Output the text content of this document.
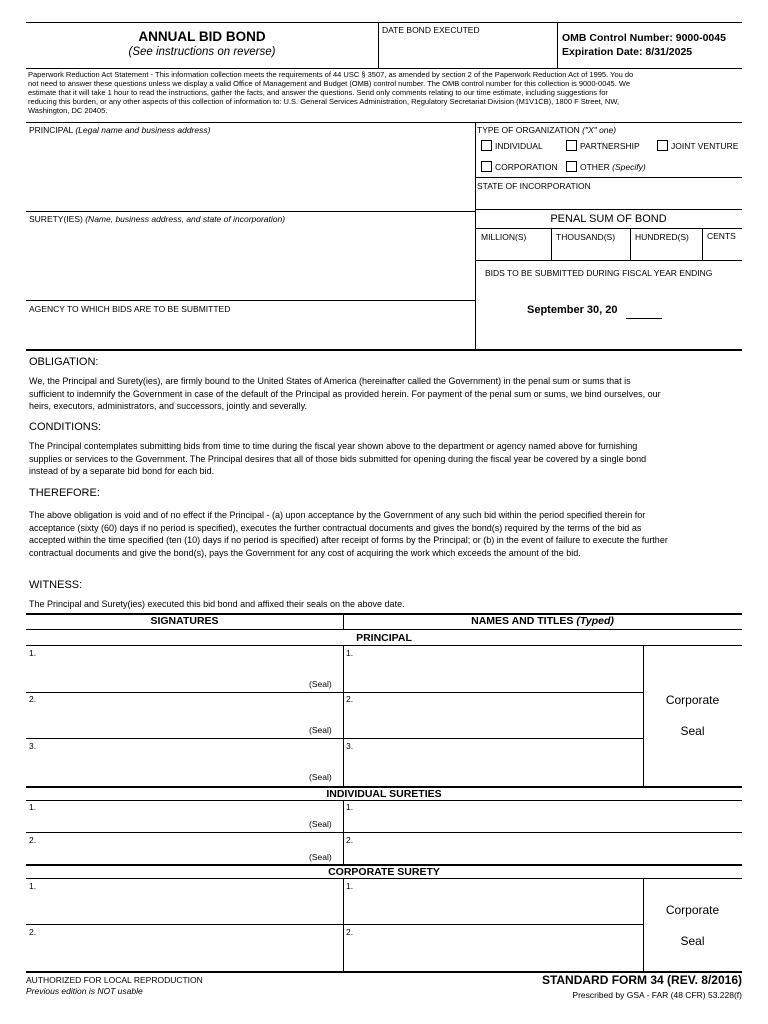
ANNUAL BID BOND
(See instructions on reverse)
DATE BOND EXECUTED
OMB Control Number: 9000-0045
Expiration Date: 8/31/2025
Paperwork Reduction Act Statement - This information collection meets the requirements of 44 USC § 3507, as amended by section 2 of the Paperwork Reduction Act of 1995. You do
not need to answer these questions unless we display a valid Office of Management and Budget (OMB) control number. The OMB control number for this collection is 9000-0045. We
estimate that it will take 1 hour to read the instructions, gather the facts, and answer the questions. Send only comments relating to our time estimate, including suggestions for
reducing this burden, or any other aspects of this collection of information to: U.S. General Services Administration, Regulatory Secretariat Division (M1V1CB), 1800 F Street, NW,
Washington, DC 20405.
PRINCIPAL (Legal name and business address)
SURETY(IES) (Name, business address, and state of incorporation)
AGENCY TO WHICH BIDS ARE TO BE SUBMITTED
TYPE OF ORGANIZATION ("X" one)
INDIVIDUAL	PARTNERSHIP	JOINT VENTURE
CORPORATION	OTHER (Specify)
STATE OF INCORPORATION
PENAL SUM OF BOND
MILLION(S)	THOUSAND(S) HUNDRED(S) CENTS
BIDS TO BE SUBMITTED DURING FISCAL YEAR ENDING
September 30, 20
OBLIGATION:
We, the Principal and Surety(ies), are firmly bound to the United States of America (hereinafter called the Government) in the penal sum or sums that is
sufficient to indemnify the Government in case of the default of the Principal as provided herein. For payment of the penal sum or sums, we bind ourselves, our
heirs, executors, administrators, and successors, jointly and severally.
CONDITIONS:
The Principal contemplates submitting bids from time to time during the fiscal year shown above to the department or agency named above for furnishing
supplies or services to the Government. The Principal desires that all of those bids submitted for opening during the fiscal year be covered by a single bond
instead of by a separate bid bond for each bid.
THEREFORE:
The above obligation is void and of no effect if the Principal - (a) upon acceptance by the Government of any such bid within the period specified therein for
acceptance (sixty (60) days if no period is specified), executes the further contractual documents and gives the bond(s) required by the terms of the bid as
accepted within the time specified (ten (10) days if no period is specified) after receipt of forms by the Principal; or (b) in the event of failure to execute the further
contractual documents and give the bond(s), pays the Government for any cost of acquiring the work which exceeds the amount of the bid.
WITNESS:
The Principal and Surety(ies) executed this bid bond and affixed their seals on the above date.
SIGNATURES	NAMES AND TITLES (Typed)
PRINCIPAL
1.	1.
(Seal)
2.	2.
(Seal)
3.	3.
(Seal)
Corporate
Seal
INDIVIDUAL SURETIES
1.	1.
(Seal)
2.	2.
(Seal)
CORPORATE SURETY
1.	1.
2.	2.
Corporate
Seal
AUTHORIZED FOR LOCAL REPRODUCTION
Previous edition is NOT usable
STANDARD FORM 34 (REV. 8/2016)
Prescribed by GSA - FAR (48 CFR) 53.228(f)
